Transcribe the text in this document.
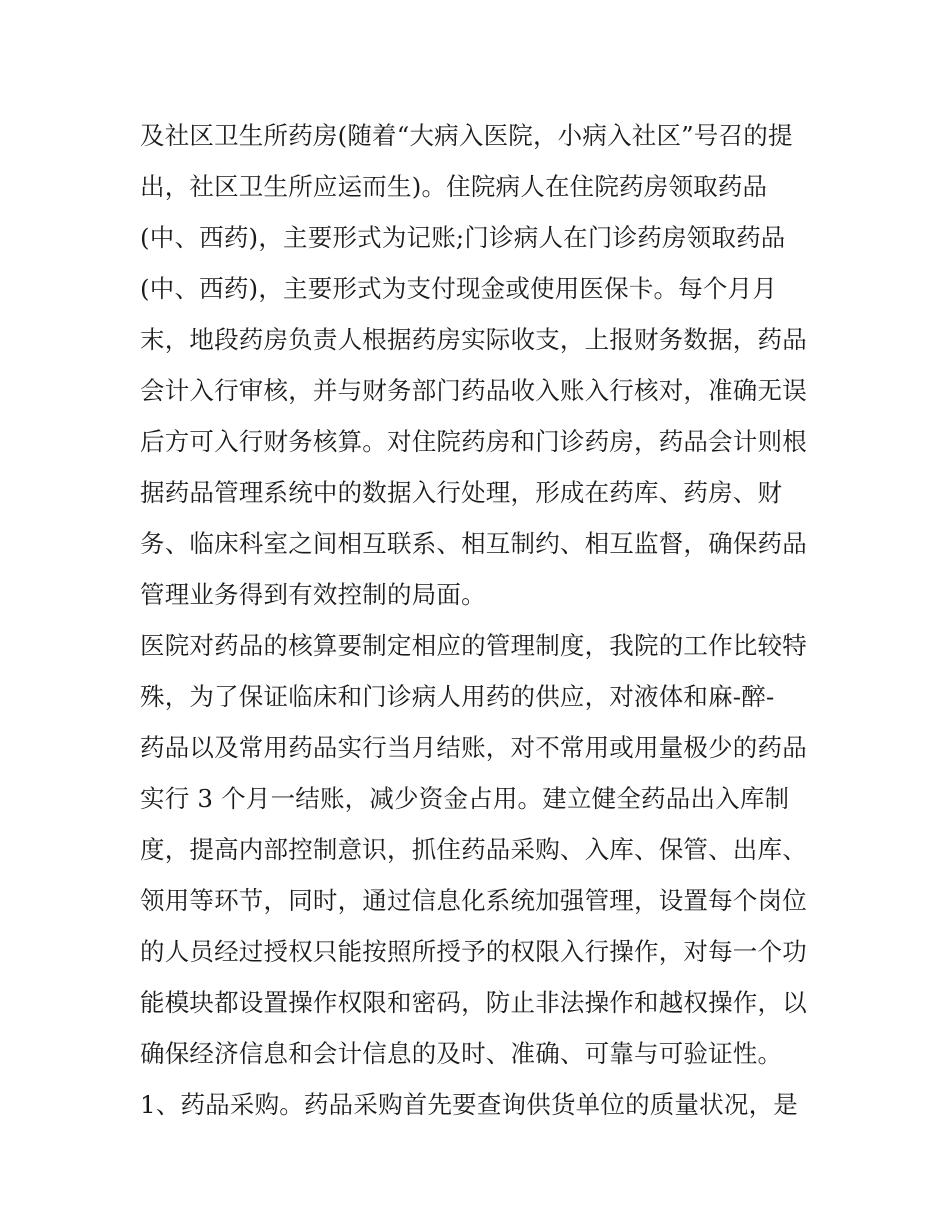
及社区卫生所药房(随着“大病入医院，小病入社区”号召的提
出，社区卫生所应运而生)。住院病人在住院药房领取药品
(中、西药)，主要形式为记账;门诊病人在门诊药房领取药品
(中、西药)，主要形式为支付现金或使用医保卡。每个月月
末，地段药房负责人根据药房实际收支，上报财务数据，药品
会计入行审核，并与财务部门药品收入账入行核对，准确无误
后方可入行财务核算。对住院药房和门诊药房，药品会计则根
据药品管理系统中的数据入行处理，形成在药库、药房、财
务、临床科室之间相互联系、相互制约、相互监督，确保药品
管理业务得到有效控制的局面。
医院对药品的核算要制定相应的管理制度，我院的工作比较特
殊，为了保证临床和门诊病人用药的供应，对液体和麻-醉-
药品以及常用药品实行当月结账，对不常用或用量极少的药品
实行 3 个月一结账，减少资金占用。建立健全药品出入库制
度，提高内部控制意识，抓住药品采购、入库、保管、出库、
领用等环节，同时，通过信息化系统加强管理，设置每个岗位
的人员经过授权只能按照所授予的权限入行操作，对每一个功
能模块都设置操作权限和密码，防止非法操作和越权操作，以
确保经济信息和会计信息的及时、准确、可靠与可验证性。
1、药品采购。药品采购首先要查询供货单位的质量状况，是
